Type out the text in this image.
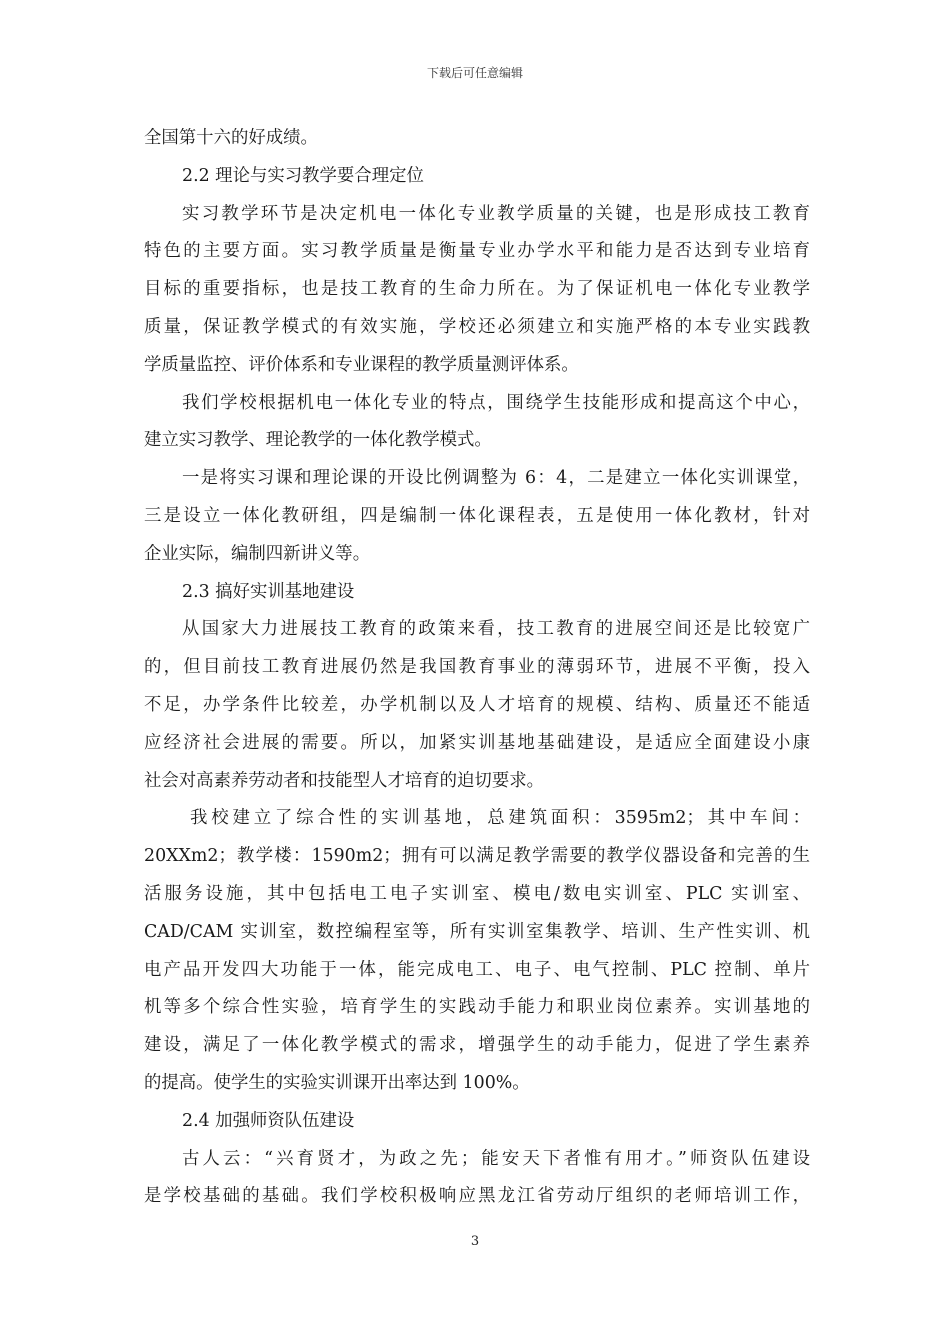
下载后可任意编辑
全国第十六的好成绩。
2.2 理论与实习教学要合理定位
实习教学环节是决定机电一体化专业教学质量的关键，也是形成技工教育
特色的主要方面。实习教学质量是衡量专业办学水平和能力是否达到专业培育
目标的重要指标，也是技工教育的生命力所在。为了保证机电一体化专业教学
质量，保证教学模式的有效实施，学校还必须建立和实施严格的本专业实践教
学质量监控、评价体系和专业课程的教学质量测评体系。
我们学校根据机电一体化专业的特点，围绕学生技能形成和提高这个中心，
建立实习教学、理论教学的一体化教学模式。
一是将实习课和理论课的开设比例调整为 6：4，二是建立一体化实训课堂，
三是设立一体化教研组，四是编制一体化课程表，五是使用一体化教材，针对
企业实际，编制四新讲义等。
2.3 搞好实训基地建设
从国家大力进展技工教育的政策来看，技工教育的进展空间还是比较宽广
的，但目前技工教育进展仍然是我国教育事业的薄弱环节，进展不平衡，投入
不足，办学条件比较差，办学机制以及人才培育的规模、结构、质量还不能适
应经济社会进展的需要。所以，加紧实训基地基础建设，是适应全面建设小康
社会对高素养劳动者和技能型人才培育的迫切要求。
我校建立了综合性的实训基地，总建筑面积：3595m2；其中车间：
20XXm2；教学楼：1590m2；拥有可以满足教学需要的教学仪器设备和完善的生
活服务设施，其中包括电工电子实训室、模电/数电实训室、PLC 实训室、
CAD/CAM 实训室，数控编程室等，所有实训室集教学、培训、生产性实训、机
电产品开发四大功能于一体，能完成电工、电子、电气控制、PLC 控制、单片
机等多个综合性实验，培育学生的实践动手能力和职业岗位素养。实训基地的
建设，满足了一体化教学模式的需求，增强学生的动手能力，促进了学生素养
的提高。使学生的实验实训课开出率达到 100%。
2.4 加强师资队伍建设
古人云：“兴育贤才，为政之先；能安天下者惟有用才。”师资队伍建设
是学校基础的基础。我们学校积极响应黑龙江省劳动厅组织的老师培训工作，
3
